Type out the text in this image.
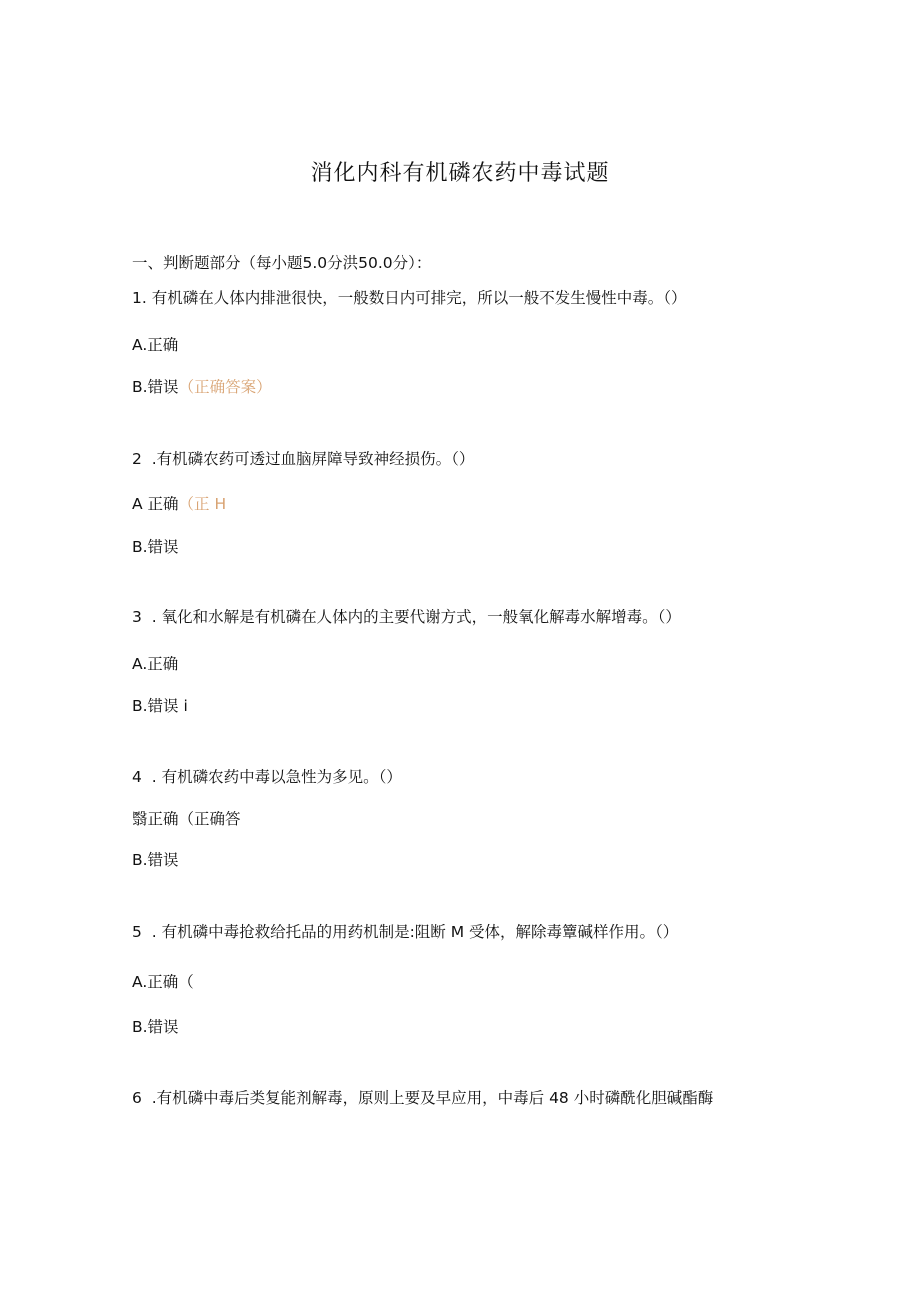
消化内科有机磷农药中毒试题
一、判断题部分（每小题5.0分洪50.0分）：
1. 有机磷在人体内排泄很快，一般数日内可排完，所以一般不发生慢性中毒。（）
A.正确
B.错误（正确答案）
2  .有机磷农药可透过血脑屏障导致神经损伤。（）
A 正确（正 H
B.错误
3  . 氧化和水解是有机磷在人体内的主要代谢方式，一般氧化解毒水解增毒。（）
A.正确
B.错误 i
4  . 有机磷农药中毒以急性为多见。（）
翳正确（正确答
B.错误
5  . 有机磷中毒抢救给托品的用药机制是:阻断 M 受体，解除毒簟碱样作用。（）
A.正确（
B.错误
6  .有机磷中毒后类复能剂解毒，原则上要及早应用，中毒后 48 小时磷酰化胆碱酯酶
